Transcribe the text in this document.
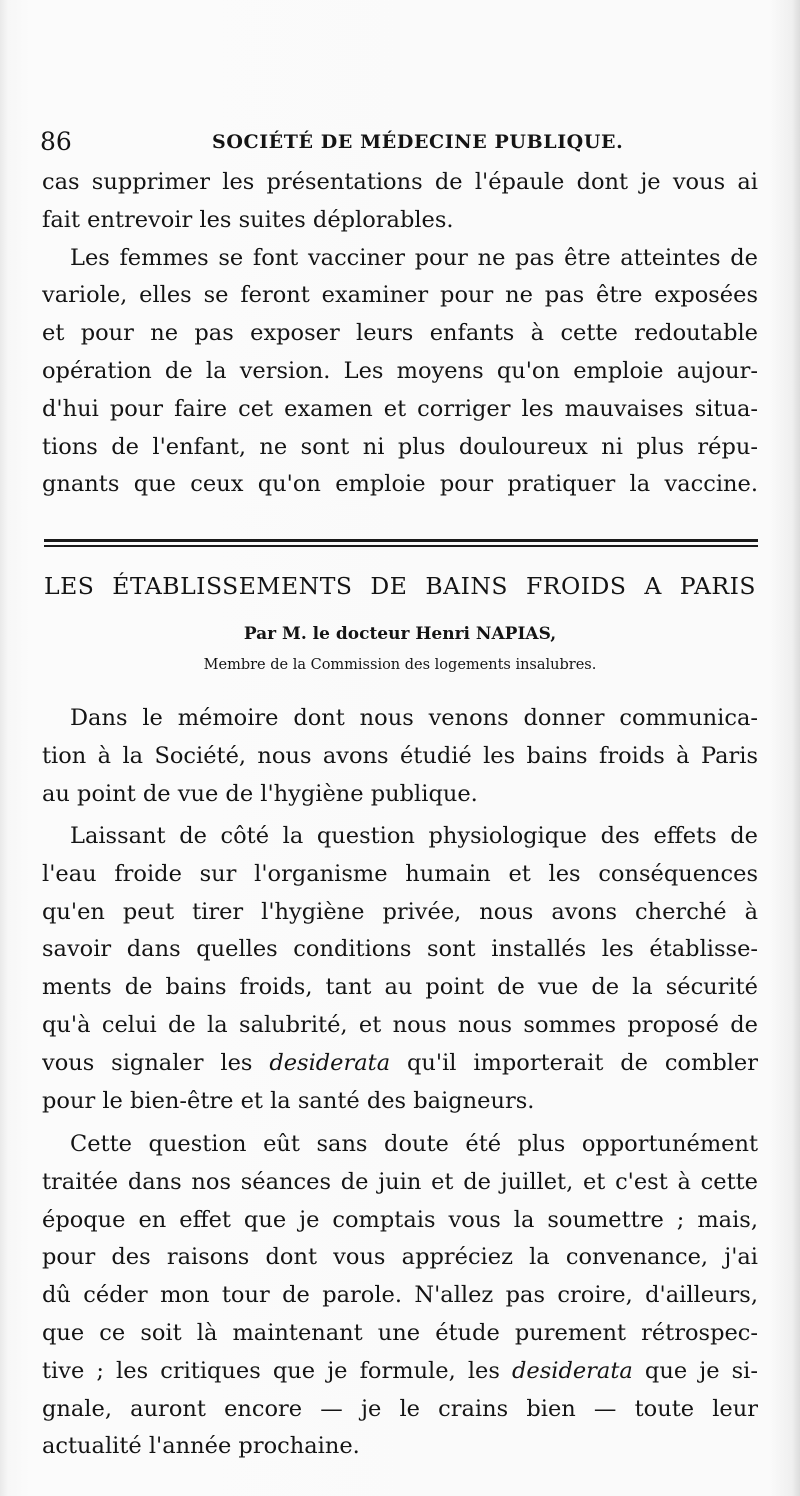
86	SOCIÉTÉ DE MÉDECINE PUBLIQUE.
cas supprimer les présentations de l'épaule dont je vous ai
fait entrevoir les suites déplorables.
Les femmes se font vacciner pour ne pas être atteintes de
variole, elles se feront examiner pour ne pas être exposées
et pour ne pas exposer leurs enfants à cette redoutable
opération de la version. Les moyens qu'on emploie aujour-
d'hui pour faire cet examen et corriger les mauvaises situa-
tions de l'enfant, ne sont ni plus douloureux ni plus répu-
gnants que ceux qu'on emploie pour pratiquer la vaccine.
LES ÉTABLISSEMENTS DE BAINS FROIDS A PARIS
Par M. le docteur Henri NAPIAS,
Membre de la Commission des logements insalubres.
Dans le mémoire dont nous venons donner communica-
tion à la Société, nous avons étudié les bains froids à Paris
au point de vue de l'hygiène publique.
Laissant de côté la question physiologique des effets de
l'eau froide sur l'organisme humain et les conséquences
qu'en peut tirer l'hygiène privée, nous avons cherché à
savoir dans quelles conditions sont installés les établisse-
ments de bains froids, tant au point de vue de la sécurité
qu'à celui de la salubrité, et nous nous sommes proposé de
vous signaler les desiderata qu'il importerait de combler
pour le bien-être et la santé des baigneurs.
Cette question eût sans doute été plus opportunément
traitée dans nos séances de juin et de juillet, et c'est à cette
époque en effet que je comptais vous la soumettre ; mais,
pour des raisons dont vous appréciez la convenance, j'ai
dû céder mon tour de parole. N'allez pas croire, d'ailleurs,
que ce soit là maintenant une étude purement rétrospec-
tive ; les critiques que je formule, les desiderata que je si-
gnale, auront encore — je le crains bien — toute leur
actualité l'année prochaine.
